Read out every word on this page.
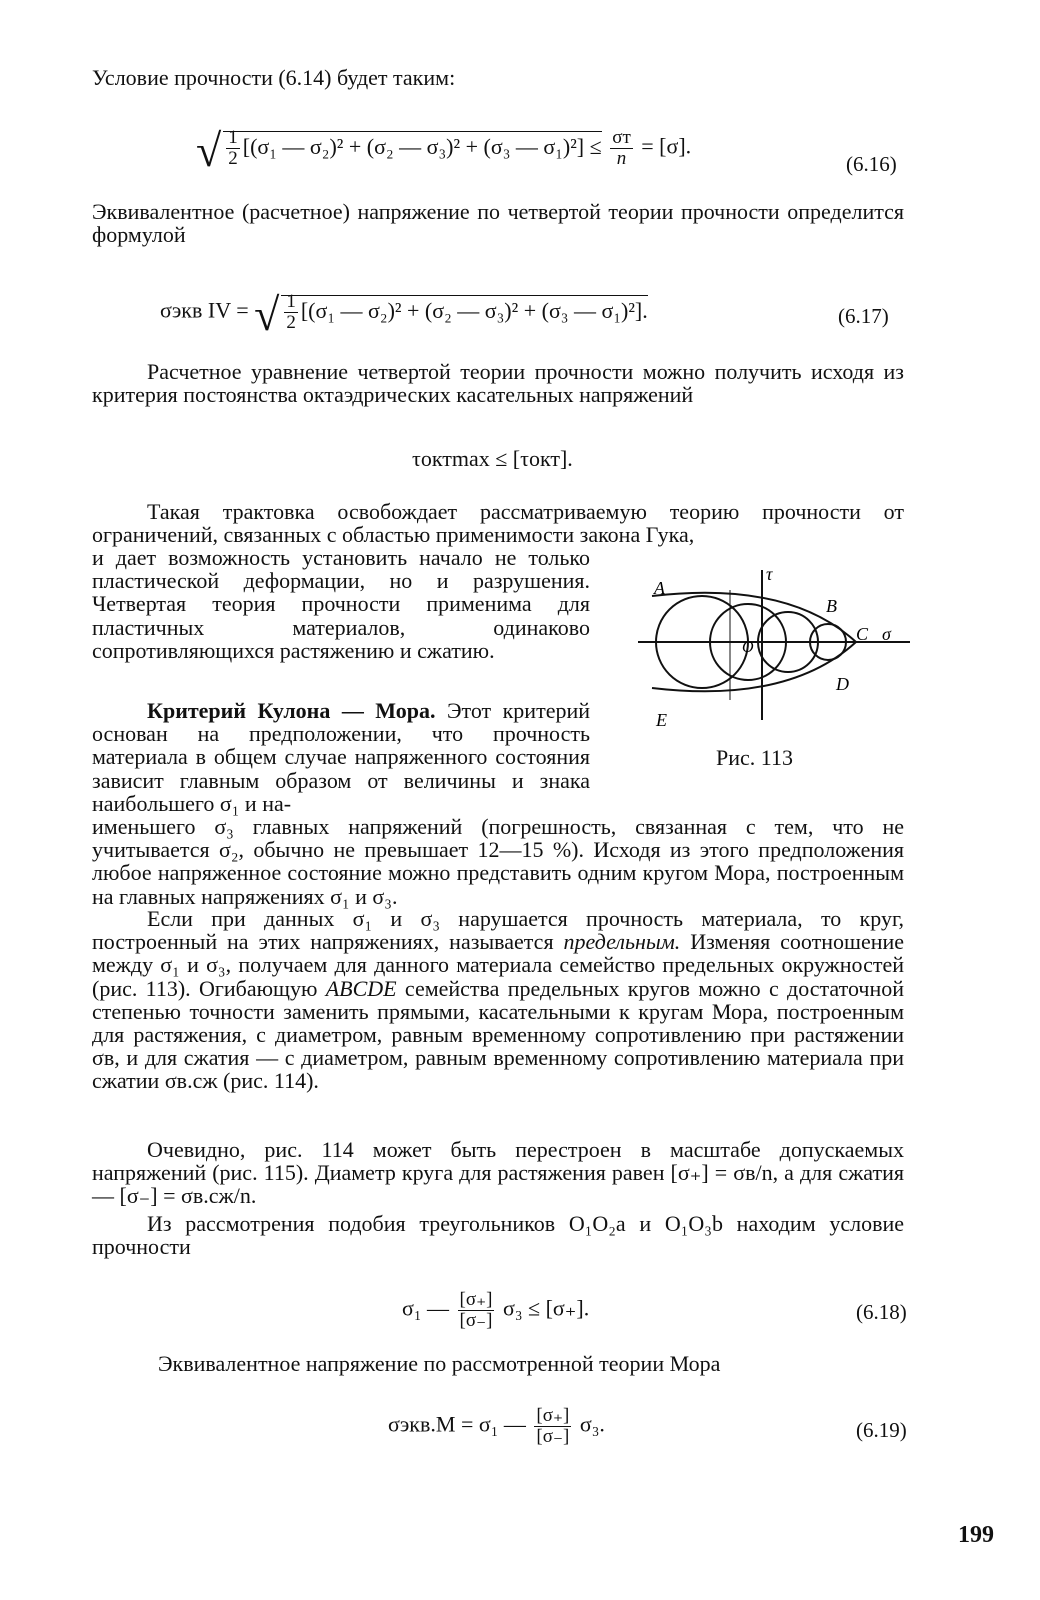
Условие прочности (6.14) будет таким:
√ $\frac{1}{2} [(\sigma_1$ — σ₂)² + (σ₂ — σ₃)² + (σ₃ — $\sigma_1)^2] \le \frac{\sigma т}{n} = [\sigma]$.
(6.16)
Эквивалентное (расчетное) напряжение по четвертой теории прочности определится формулой
σэкв IV = √ $\frac{1}{2} [(\sigma_1$ — σ₂)² + (σ₂ — σ₃)² + (σ₃ — σ₁)²].	(6.17)
Расчетное уравнение четвертой теории прочности можно получить исходя из критерия постоянства октаэдрических касательных напряжений
τоктmax ≤ [τокт].
Такая трактовка освобождает рассматриваемую теорию прочности от ограничений, связанных с областью применимости закона Гука,
и дает возможность установить начало не только пластической деформации, но и разрушения. Четвертая теория прочности применима для пластичных материалов, одинаково сопротивляющихся растяжению и сжатию.
Критерий Кулона — Мора. Этот критерий основан на предположении, что прочность материала в общем случае напряженного состояния зависит главным образом от величины и знака наибольшего σ₁ и на-
именьшего σ₃ главных напряжений (погрешность, связанная с тем, что не учитывается σ₂, обычно не превышает 12—15 %). Исходя из этого предположения любое напряженное состояние можно представить одним кругом Мора, построенным на главных напряжениях σ₁ и σ₃.
Если при данных σ₁ и σ₃ нарушается прочность материала, то круг, построенный на этих напряжениях, называется предельным. Изменяя соотношение между σ₁ и σ₃, получаем для данного материала семейство предельных окружностей (рис. 113). Огибающую ABCDE семейства предельных кругов можно с достаточной степенью точности заменить прямыми, касательными к кругам Мора, построенным для растяжения, с диаметром, равным временному сопротивлению при растяжении σв, и для сжатия — с диаметром, равным временному сопротивлению материала при сжатии σв.сж (рис. 114).
Очевидно, рис. 114 может быть перестроен в масштабе допускаемых напряжений (рис. 115). Диаметр круга для растяжения равен [σ₊] = σв/n, а для сжатия — [σ₋] = σв.сж/n.
Из рассмотрения подобия треугольников O₁O₂a и O₁O₃b находим условие прочности
σ₁ — $\frac{[\sigma_+]}{[\sigma_-]} \sigma_3 \le [\sigma_+]$.	(6.18)
Эквивалентное напряжение по рассмотренной теории Мора
σэкв.M = σ₁ — $\frac{[\sigma_+]}{[\sigma_-]} \sigma_3$.	(6.19)
A
B
C
D
E
O
τ
σ
Рис. 113
199
